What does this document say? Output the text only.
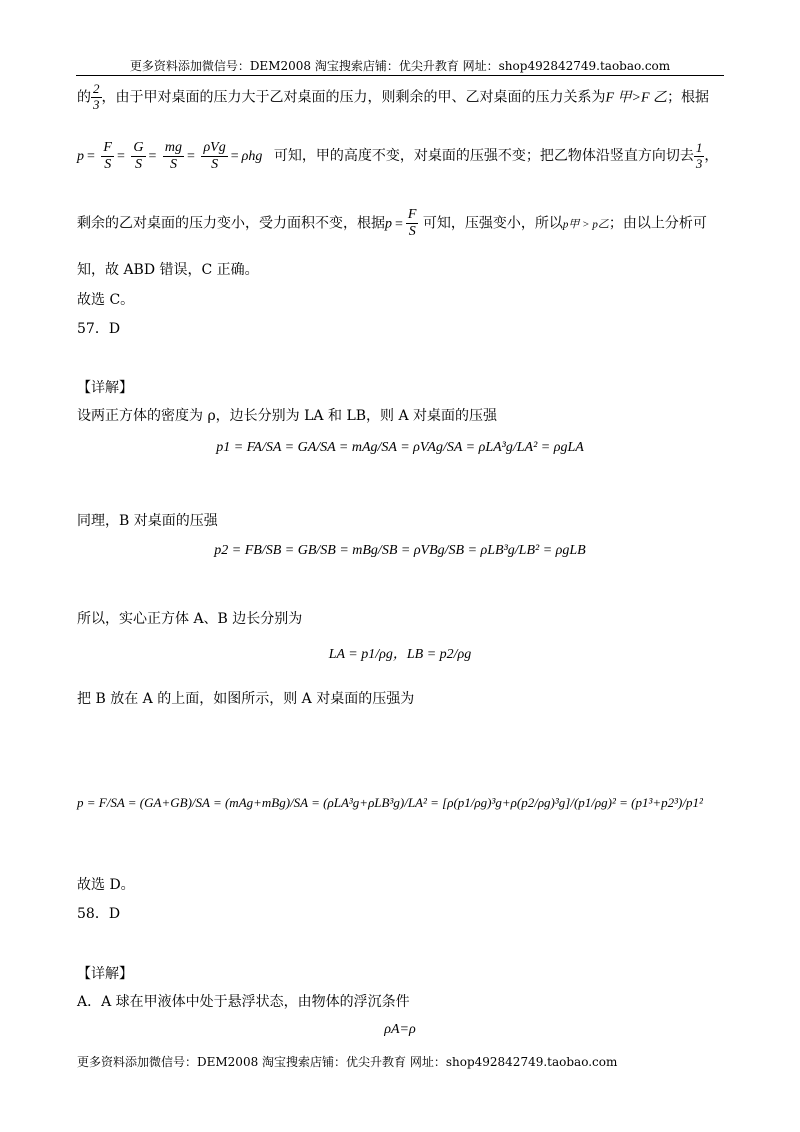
更多资料添加微信号：DEM2008 淘宝搜索店铺：优尖升教育 网址：shop492842749.taobao.com
的 $\frac{2}{3}$ ，由于甲对桌面的压力大于乙对桌面的压力，则剩余的甲、乙对桌面的压力关系为F 甲>F 乙；根据
$p = \frac{F}{S} = \frac{G}{S} = \frac{mg}{S} = \frac{\text{ρVg}}{S} = \rho hg$ 可知，甲的高度不变，对桌面的压强不变；把乙物体沿竖直方向切去 $\frac{1}{3}$ ，
剩余的乙对桌面的压力变小，受力面积不变，根据$p = \frac{F}{S}$ 可知，压强变小，所以p甲 > p乙；由以上分析可
知，故 ABD 错误，C 正确。
故选 C。
57．D
【详解】
设两正方体的密度为 ρ，边长分别为 LA 和 LB，则 A 对桌面的压强
p1 = FA/SA = GA/SA = mAg/SA = ρVAg/SA = ρLA³g/LA² = ρgLA
同理，B 对桌面的压强
p2 = FB/SB = GB/SB = mBg/SB = ρVBg/SB = ρLB³g/LB² = ρgLB
所以，实心正方体 A、B 边长分别为
LA = p1/ρg，LB = p2/ρg
把 B 放在 A 的上面，如图所示，则 A 对桌面的压强为
p = F/SA = (GA+GB)/SA = (mAg+mBg)/SA = (ρLA³g+ρLB³g)/LA² = [ρ(p1/ρg)³g+ρ(p2/ρg)³g]/(p1/ρg)² = (p1³+p2³)/p1²
故选 D。
58．D
【详解】
A．A 球在甲液体中处于悬浮状态，由物体的浮沉条件
ρA=ρ
更多资料添加微信号：DEM2008 淘宝搜索店铺：优尖升教育 网址：shop492842749.taobao.com
